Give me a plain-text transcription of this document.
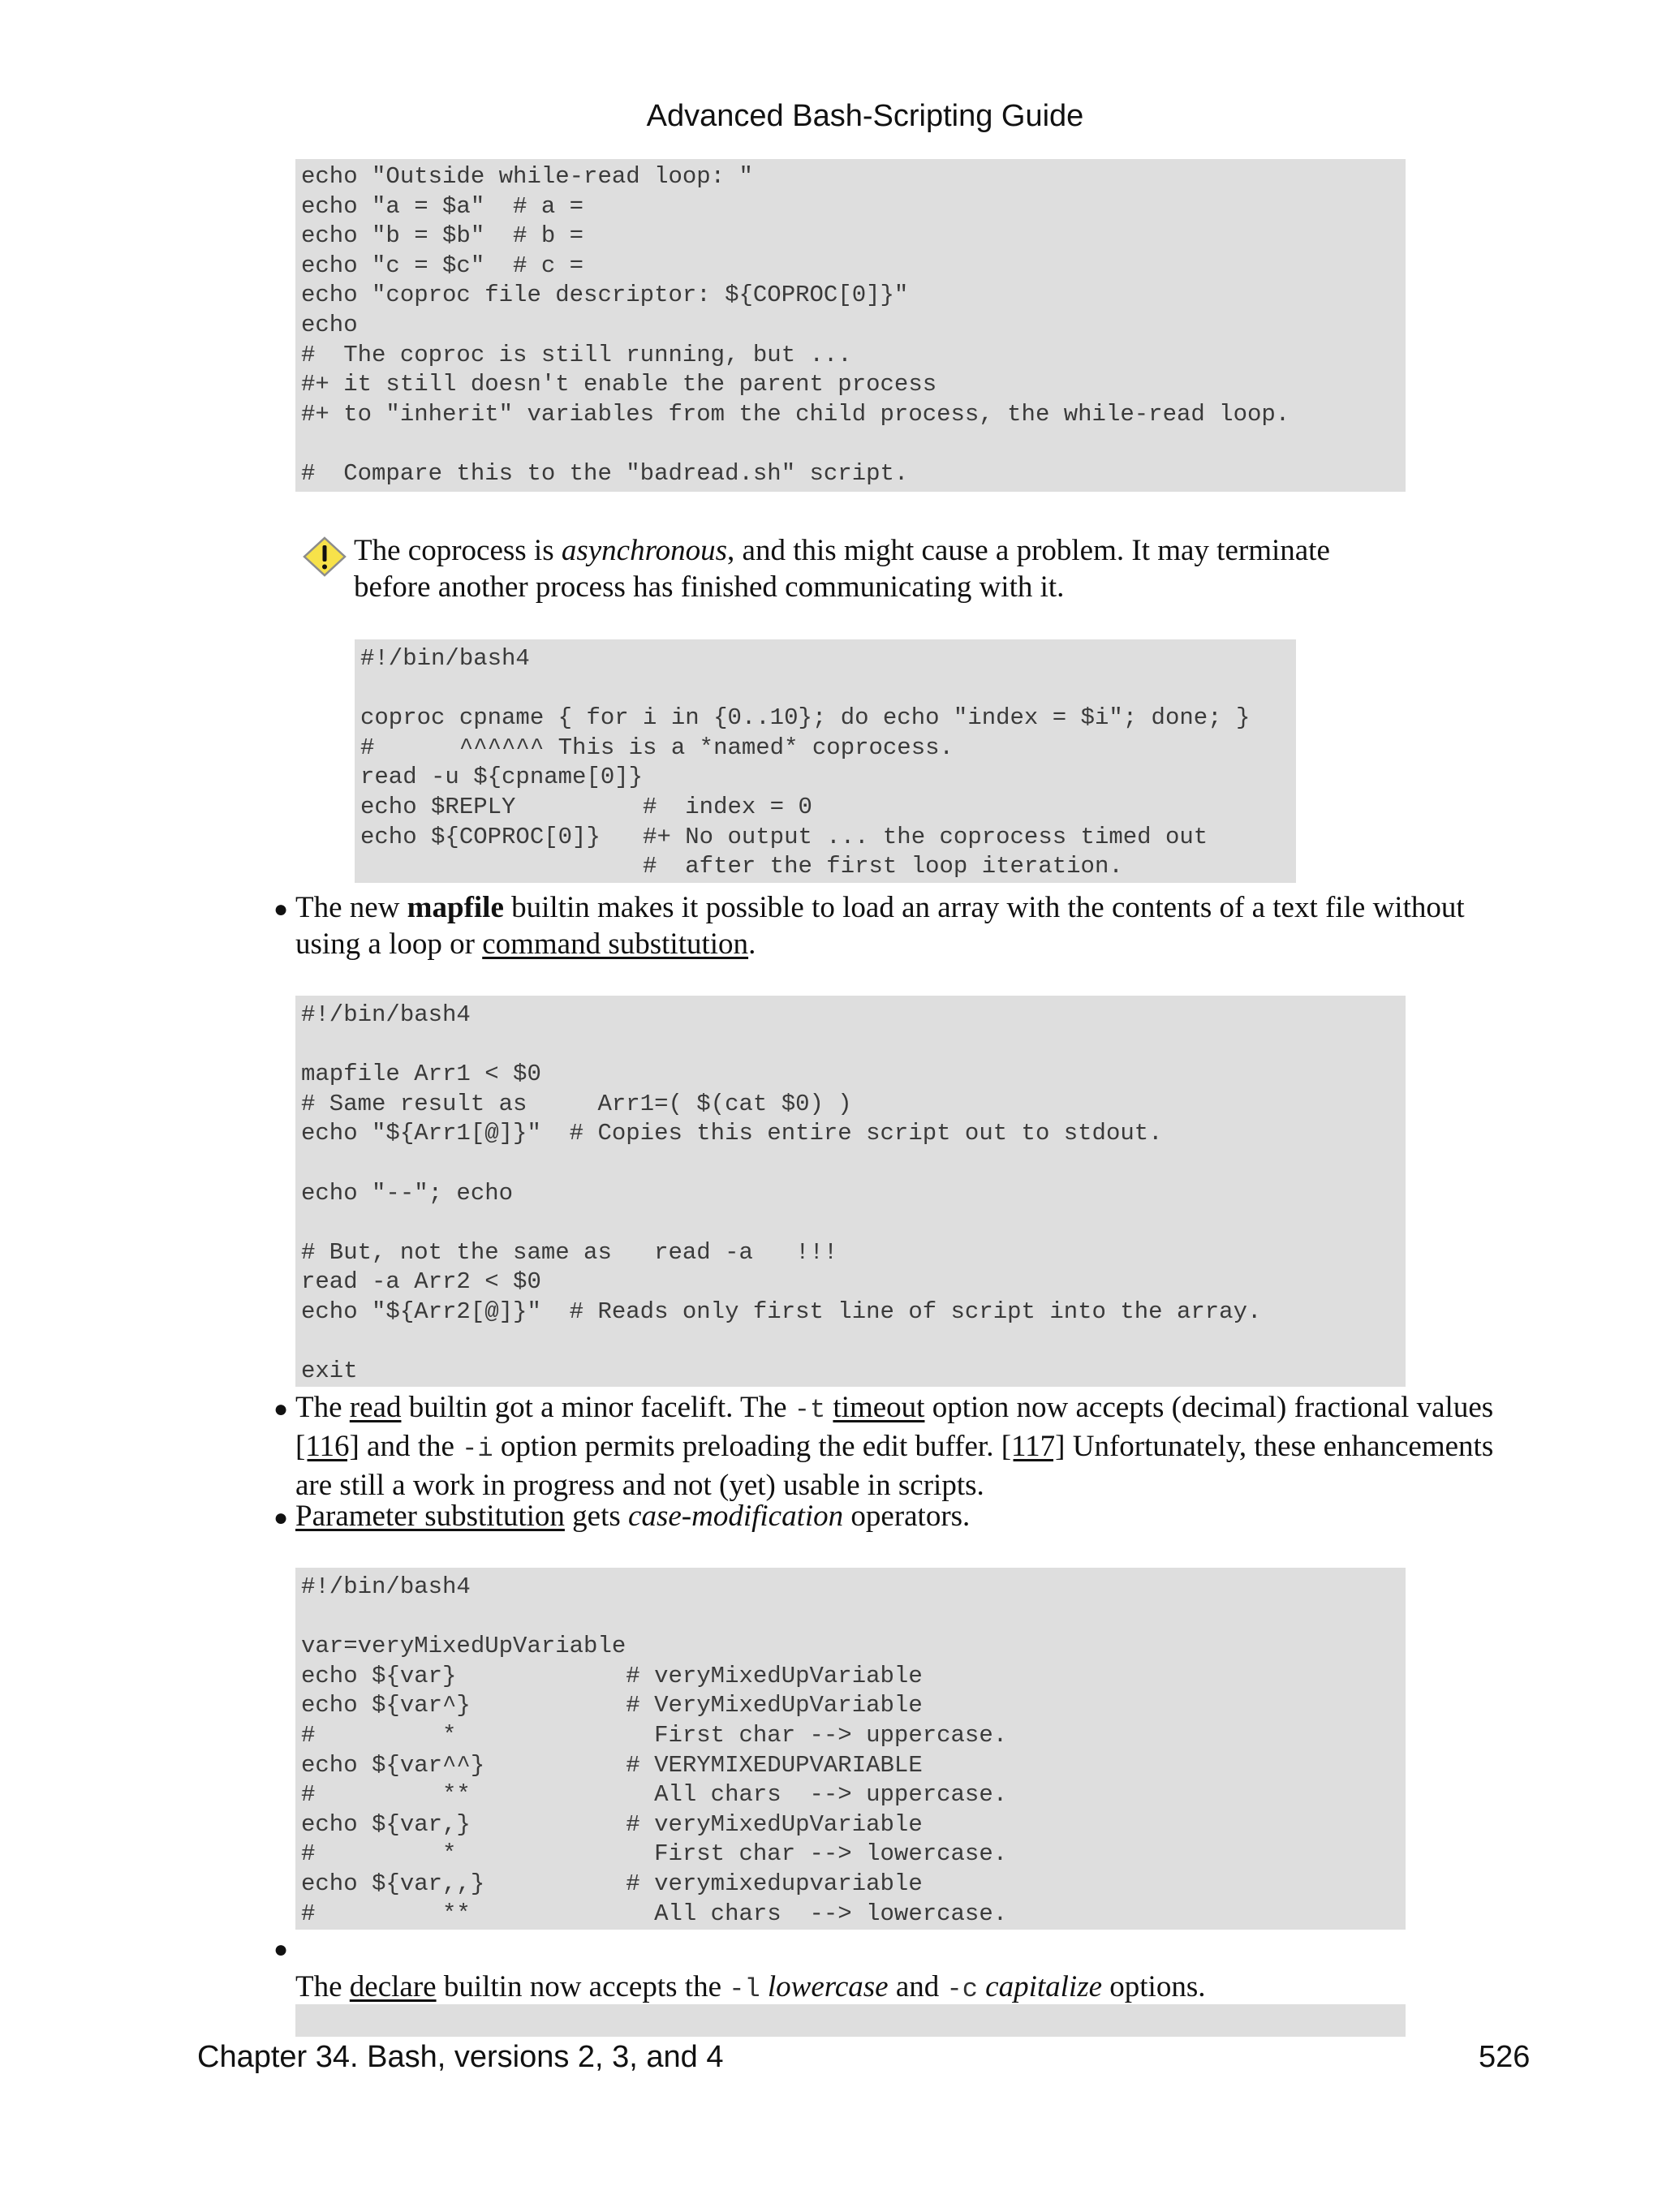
Advanced Bash-Scripting Guide
echo "Outside while-read loop: "
echo "a = $a"  # a =
echo "b = $b"  # b =
echo "c = $c"  # c =
echo "coproc file descriptor: ${COPROC[0]}"
echo
#  The coproc is still running, but ...
#+ it still doesn't enable the parent process
#+ to "inherit" variables from the child process, the while-read loop.

#  Compare this to the "badread.sh" script.
The coprocess is asynchronous, and this might cause a problem. It may terminate before another process has finished communicating with it.
#!/bin/bash4

coproc cpname { for i in {0..10}; do echo "index = $i"; done; }
#      ^^^^^^ This is a *named* coprocess.
read -u ${cpname[0]}
echo $REPLY         #  index = 0
echo ${COPROC[0]}   #+ No output ... the coprocess timed out
#  after the first loop iteration.
● The new mapfile builtin makes it possible to load an array with the contents of a text file without using a loop or command substitution.
#!/bin/bash4

mapfile Arr1 < $0
# Same result as     Arr1=( $(cat $0) )
echo "${Arr1[@]}"  # Copies this entire script out to stdout.

echo "--"; echo

# But, not the same as   read -a   !!!
read -a Arr2 < $0
echo "${Arr2[@]}"  # Reads only first line of script into the array.

exit
● The read builtin got a minor facelift. The -t timeout option now accepts (decimal) fractional values [116] and the -i option permits preloading the edit buffer. [117] Unfortunately, these enhancements are still a work in progress and not (yet) usable in scripts.
● Parameter substitution gets case-modification operators.
#!/bin/bash4

var=veryMixedUpVariable
echo ${var}            # veryMixedUpVariable
echo ${var^}           # VeryMixedUpVariable
#         *              First char --> uppercase.
echo ${var^^}          # VERYMIXEDUPVARIABLE
#         **             All chars  --> uppercase.
echo ${var,}           # veryMixedUpVariable
#         *              First char --> lowercase.
echo ${var,,}          # verymixedupvariable
#         **             All chars  --> lowercase.
●
The declare builtin now accepts the -l lowercase and -c capitalize options.
Chapter 34. Bash, versions 2, 3, and 4	526
